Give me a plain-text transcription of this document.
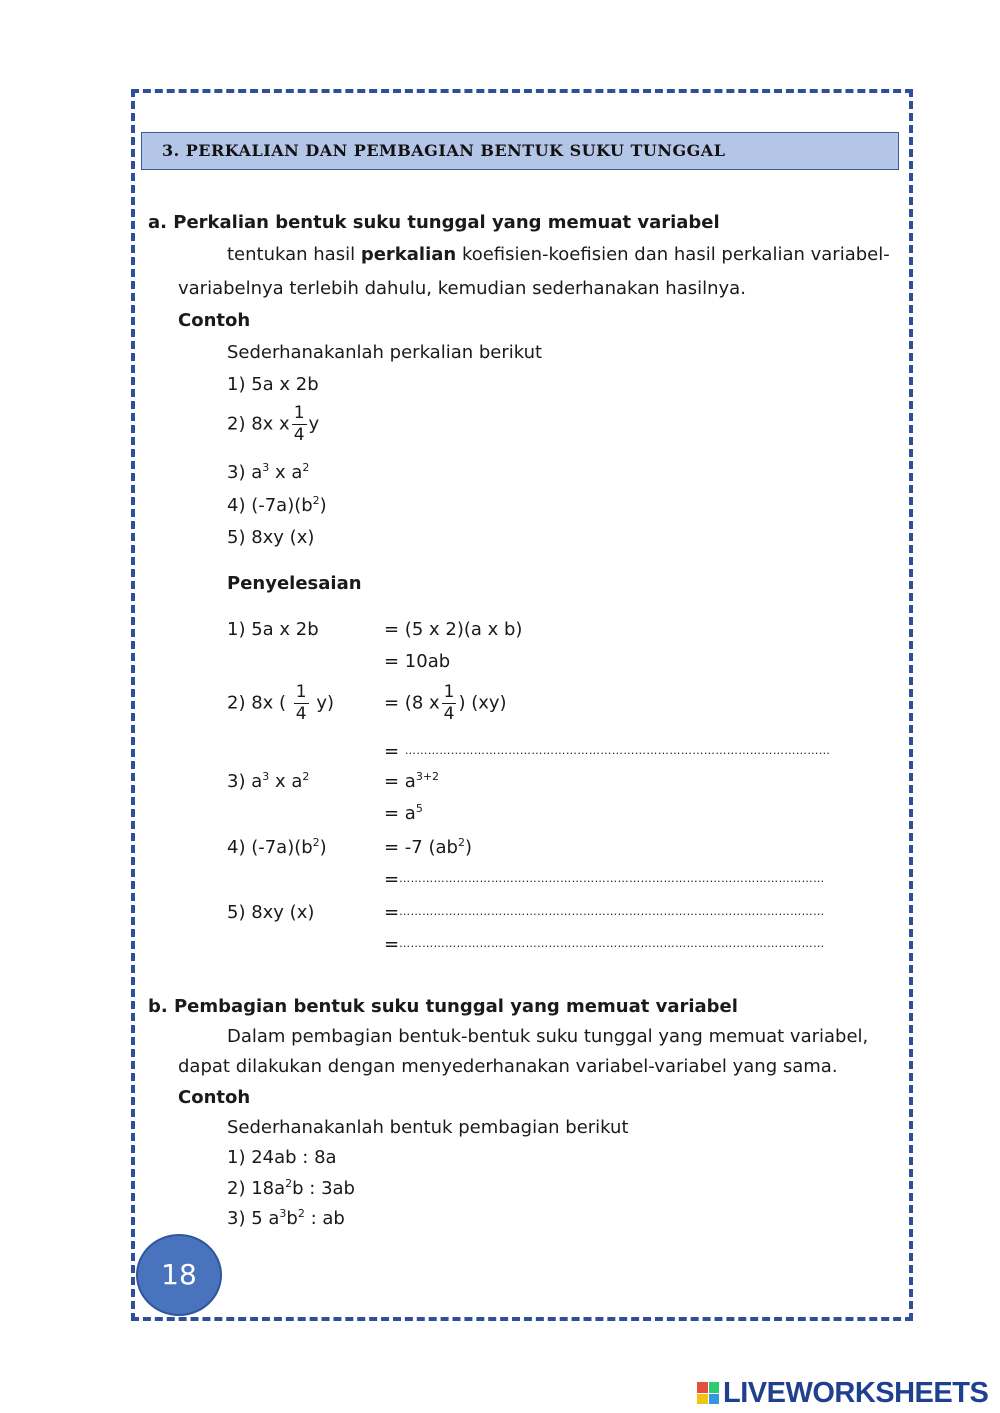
3. PERKALIAN DAN PEMBAGIAN BENTUK SUKU TUNGGAL
a. Perkalian bentuk suku tunggal yang memuat variabel
tentukan hasil perkalian koefisien-koefisien dan hasil perkalian variabel-
variabelnya terlebih dahulu, kemudian sederhanakan hasilnya.
Contoh
Sederhanakanlah perkalian berikut
1) 5a x 2b
2) 8x x $\frac{1}{4}$ y
3) $a^3$ x $a^2$
4) $(-7a)(b^2)$
5) 8xy (x)
Penyelesaian
1) 5a x 2b	= (5 x 2)(a x b)
= 10ab
2) 8x ( $\frac{1}{4} y$)	= (8 x $\frac{1}{4}$ ) (xy)
= …………………………………………………………………………………………………
3) $a^3$ x $a^2$	= $a^{3+2}$
= $a^5$
4) $(-7a)(b^2)$	= -7 $(ab^2)$
=…………………………………………………………………………………………………
5) 8xy (x)	=…………………………………………………………………………………………………
=…………………………………………………………………………………………………
b. Pembagian bentuk suku tunggal yang memuat variabel
Dalam pembagian bentuk-bentuk suku tunggal yang memuat variabel,
dapat dilakukan dengan menyederhanakan variabel-variabel yang sama.
Contoh
Sederhanakanlah bentuk pembagian berikut
1) 24ab : 8a
2) $18a^2b$ : 3ab
3) 5 $a^3b^2$ : ab
18
LIVEWORKSHEETS
